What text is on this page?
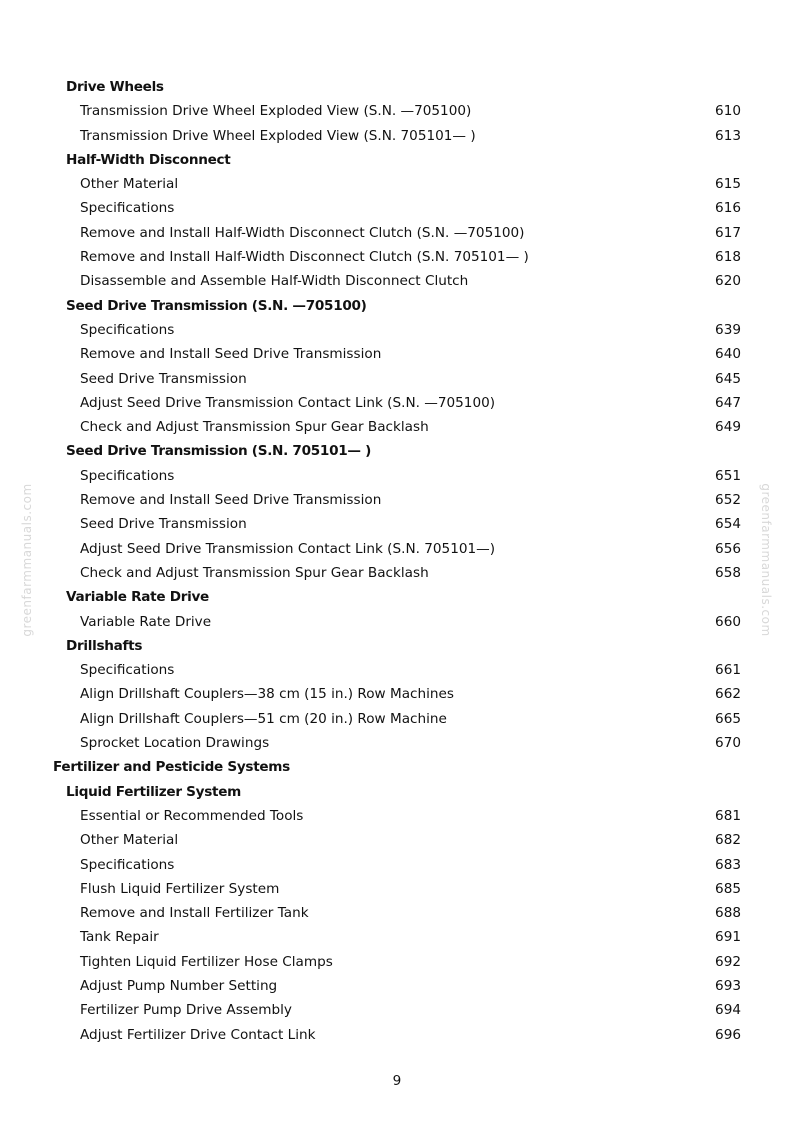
Drive Wheels
Transmission Drive Wheel Exploded View (S.N. —705100)	610
Transmission Drive Wheel Exploded View (S.N. 705101— )	613
Half-Width Disconnect
Other Material	615
Specifications	616
Remove and Install Half-Width Disconnect Clutch (S.N. —705100)	617
Remove and Install Half-Width Disconnect Clutch (S.N. 705101— )	618
Disassemble and Assemble Half-Width Disconnect Clutch	620
Seed Drive Transmission (S.N. —705100)
Specifications	639
Remove and Install Seed Drive Transmission	640
Seed Drive Transmission	645
Adjust Seed Drive Transmission Contact Link (S.N. —705100)	647
Check and Adjust Transmission Spur Gear Backlash	649
Seed Drive Transmission (S.N. 705101— )
Specifications	651
Remove and Install Seed Drive Transmission	652
Seed Drive Transmission	654
Adjust Seed Drive Transmission Contact Link (S.N. 705101—)	656
Check and Adjust Transmission Spur Gear Backlash	658
Variable Rate Drive
Variable Rate Drive	660
Drillshafts
Specifications	661
Align Drillshaft Couplers—38 cm (15 in.) Row Machines	662
Align Drillshaft Couplers—51 cm (20 in.) Row Machine	665
Sprocket Location Drawings	670
Fertilizer and Pesticide Systems
Liquid Fertilizer System
Essential or Recommended Tools	681
Other Material	682
Specifications	683
Flush Liquid Fertilizer System	685
Remove and Install Fertilizer Tank	688
Tank Repair	691
Tighten Liquid Fertilizer Hose Clamps	692
Adjust Pump Number Setting	693
Fertilizer Pump Drive Assembly	694
Adjust Fertilizer Drive Contact Link	696
9
greenfarmmanuals.com	greenfarmmanuals.com
